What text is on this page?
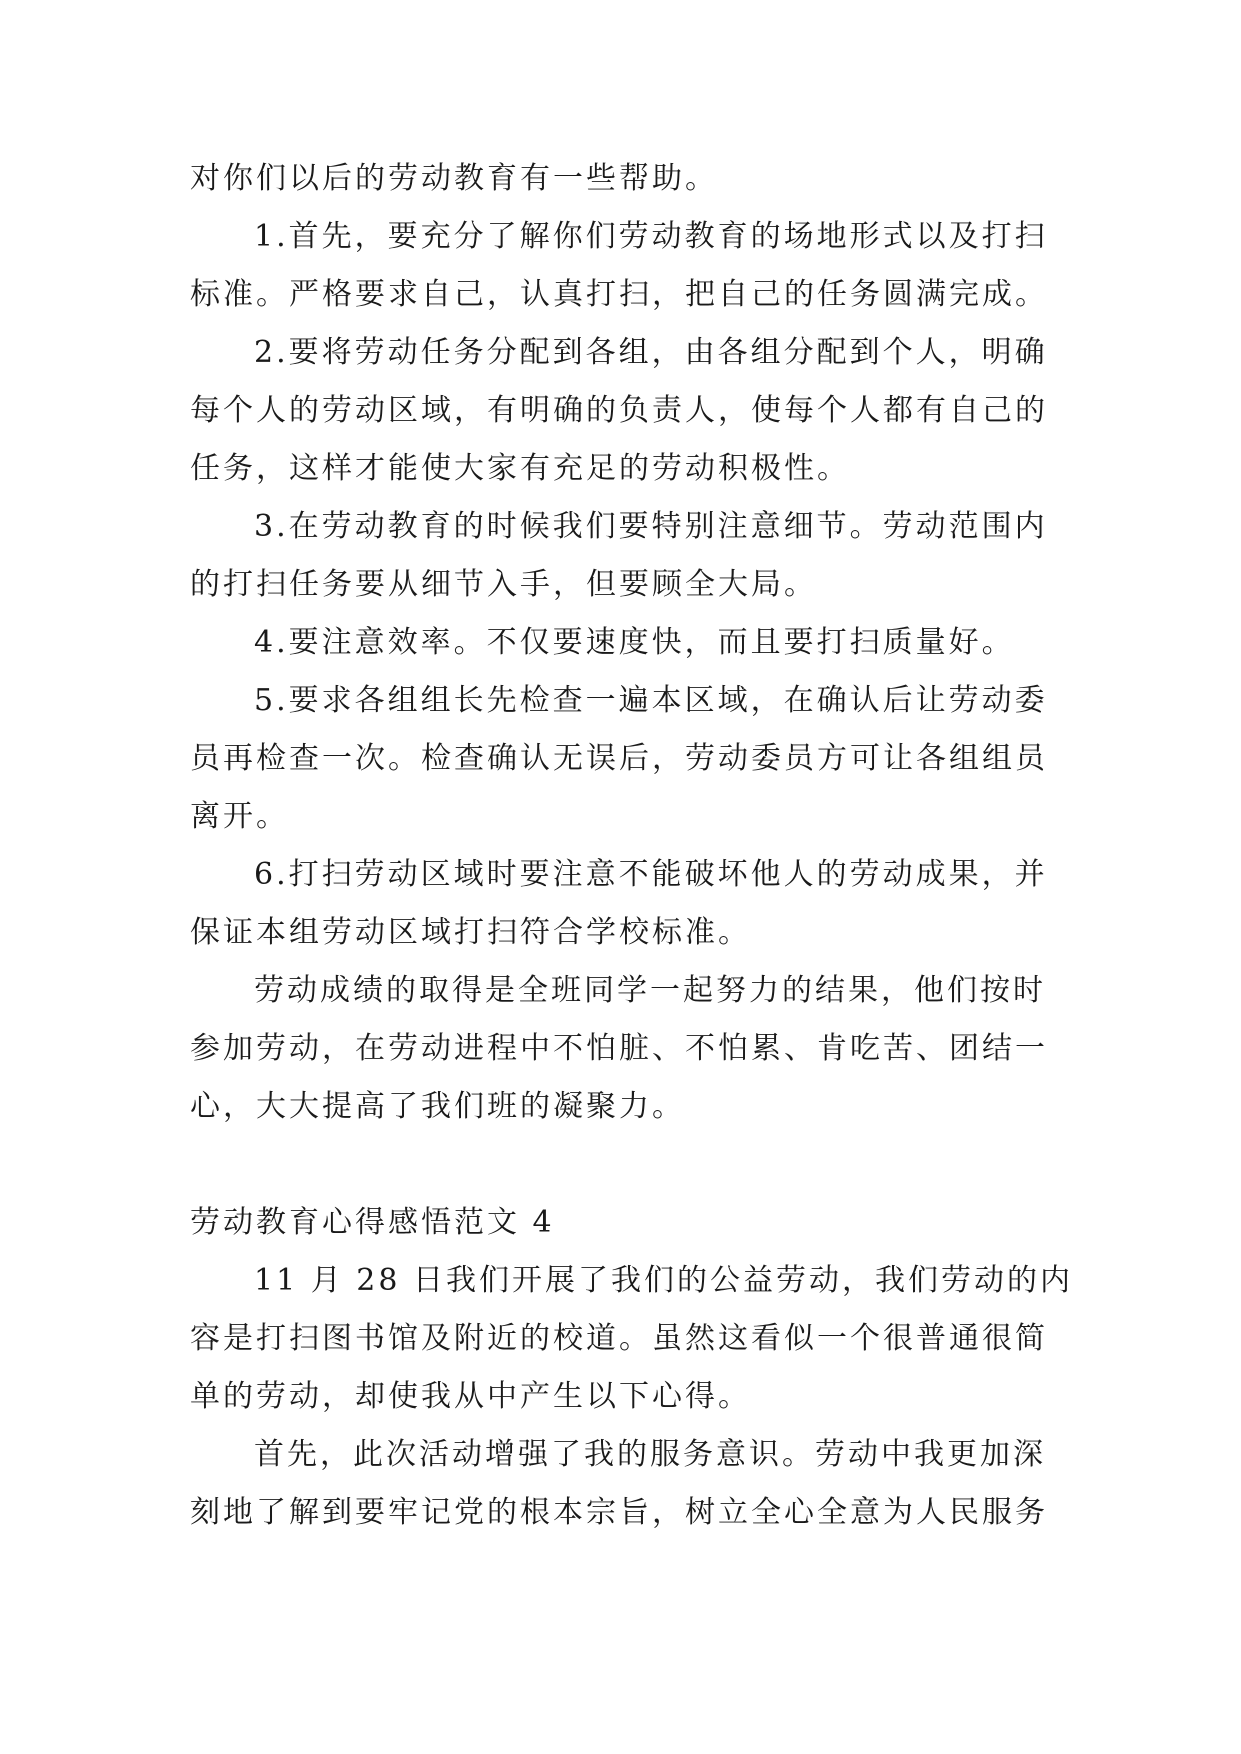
对你们以后的劳动教育有一些帮助。

1.首先，要充分了解你们劳动教育的场地形式以及打扫

标准。严格要求自己，认真打扫，把自己的任务圆满完成。

2.要将劳动任务分配到各组，由各组分配到个人，明确

每个人的劳动区域，有明确的负责人，使每个人都有自己的

任务，这样才能使大家有充足的劳动积极性。

3.在劳动教育的时候我们要特别注意细节。劳动范围内

的打扫任务要从细节入手，但要顾全大局。

4.要注意效率。不仅要速度快，而且要打扫质量好。

5.要求各组组长先检查一遍本区域，在确认后让劳动委

员再检查一次。检查确认无误后，劳动委员方可让各组组员

离开。

6.打扫劳动区域时要注意不能破坏他人的劳动成果，并

保证本组劳动区域打扫符合学校标准。

劳动成绩的取得是全班同学一起努力的结果，他们按时

参加劳动，在劳动进程中不怕脏、不怕累、肯吃苦、团结一

心，大大提高了我们班的凝聚力。

劳动教育心得感悟范文 4

11 月 28 日我们开展了我们的公益劳动，我们劳动的内

容是打扫图书馆及附近的校道。虽然这看似一个很普通很简

单的劳动，却使我从中产生以下心得。

首先，此次活动增强了我的服务意识。劳动中我更加深

刻地了解到要牢记党的根本宗旨，树立全心全意为人民服务
